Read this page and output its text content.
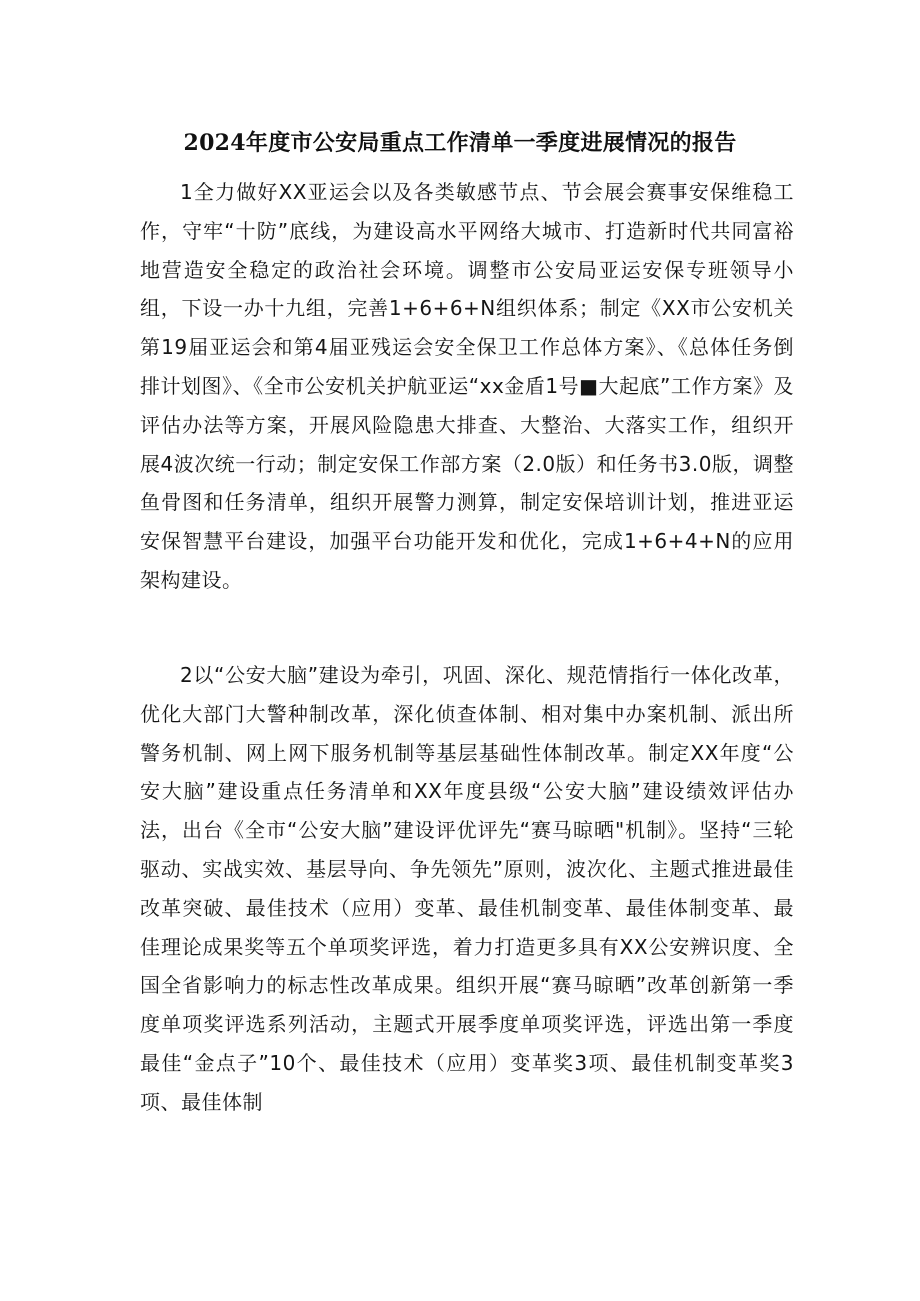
2024年度市公安局重点工作清单一季度进展情况的报告

1全力做好XX亚运会以及各类敏感节点、节会展会赛事安保维稳工作，守牢“十防”底线，为建设高水平网络大城市、打造新时代共同富裕地营造安全稳定的政治社会环境。调整市公安局亚运安保专班领导小组，下设一办十九组，完善1+6+6+N组织体系；制定《XX市公安机关第19届亚运会和第4届亚残运会安全保卫工作总体方案》、《总体任务倒排计划图》、《全市公安机关护航亚运“xx金盾1号■大起底”工作方案》及评估办法等方案，开展风险隐患大排查、大整治、大落实工作，组织开展4波次统一行动；制定安保工作部方案（2.0版）和任务书3.0版，调整鱼骨图和任务清单，组织开展警力测算，制定安保培训计划，推进亚运安保智慧平台建设，加强平台功能开发和优化，完成1+6+4+N的应用架构建设。

2以“公安大脑”建设为牵引，巩固、深化、规范情指行一体化改革，优化大部门大警种制改革，深化侦查体制、相对集中办案机制、派出所警务机制、网上网下服务机制等基层基础性体制改革。制定XX年度“公安大脑”建设重点任务清单和XX年度县级“公安大脑”建设绩效评估办法，出台《全市“公安大脑”建设评优评先“赛马晾晒"机制》。坚持“三轮驱动、实战实效、基层导向、争先领先”原则，波次化、主题式推进最佳改革突破、最佳技术（应用）变革、最佳机制变革、最佳体制变革、最佳理论成果奖等五个单项奖评选，着力打造更多具有XX公安辨识度、全国全省影响力的标志性改革成果。组织开展“赛马晾晒”改革创新第一季度单项奖评选系列活动，主题式开展季度单项奖评选，评选出第一季度最佳“金点子”10个、最佳技术（应用）变革奖3项、最佳机制变革奖3项、最佳体制
